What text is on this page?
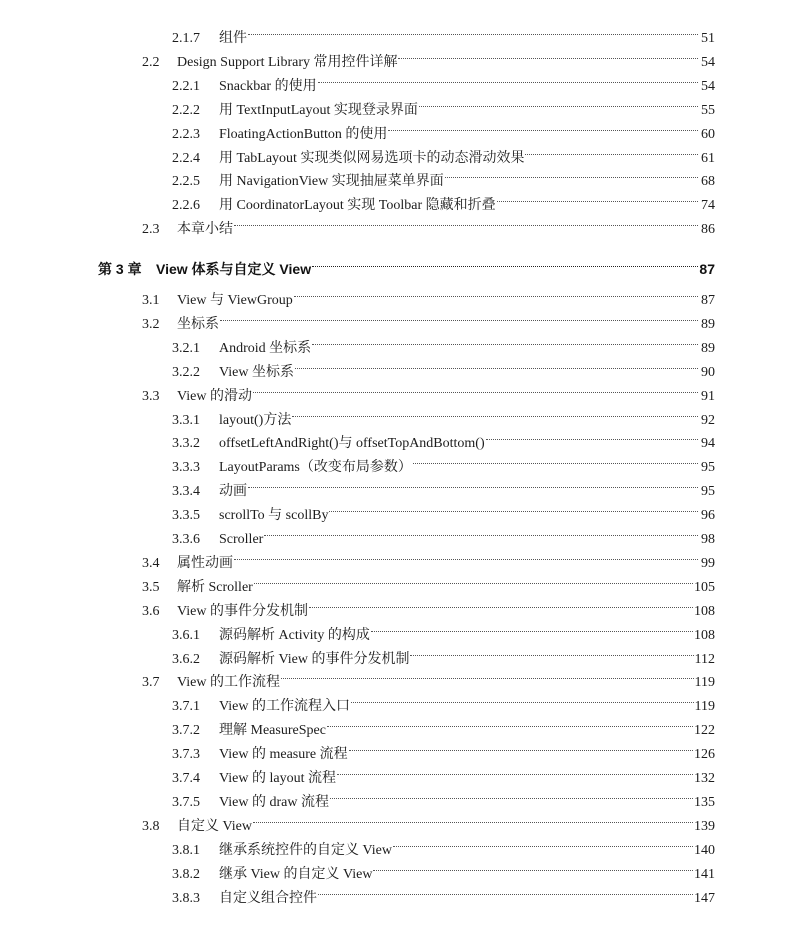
2.1.7	组件	51
2.2	Design Support Library 常用控件详解	54
2.2.1	Snackbar 的使用	54
2.2.2	用 TextInputLayout 实现登录界面	55
2.2.3	FloatingActionButton 的使用	60
2.2.4	用 TabLayout 实现类似网易选项卡的动态滑动效果	61
2.2.5	用 NavigationView 实现抽屉菜单界面	68
2.2.6	用 CoordinatorLayout 实现 Toolbar 隐藏和折叠	74
2.3	本章小结	86
第 3 章	View 体系与自定义 View	87
3.1	View 与 ViewGroup	87
3.2	坐标系	89
3.2.1	Android 坐标系	89
3.2.2	View 坐标系	90
3.3	View 的滑动	91
3.3.1	layout()方法	92
3.3.2	offsetLeftAndRight()与 offsetTopAndBottom()	94
3.3.3	LayoutParams（改变布局参数）	95
3.3.4	动画	95
3.3.5	scrollTo 与 scollBy	96
3.3.6	Scroller	98
3.4	属性动画	99
3.5	解析 Scroller	105
3.6	View 的事件分发机制	108
3.6.1	源码解析 Activity 的构成	108
3.6.2	源码解析 View 的事件分发机制	112
3.7	View 的工作流程	119
3.7.1	View 的工作流程入口	119
3.7.2	理解 MeasureSpec	122
3.7.3	View 的 measure 流程	126
3.7.4	View 的 layout 流程	132
3.7.5	View 的 draw 流程	135
3.8	自定义 View	139
3.8.1	继承系统控件的自定义 View	140
3.8.2	继承 View 的自定义 View	141
3.8.3	自定义组合控件	147
